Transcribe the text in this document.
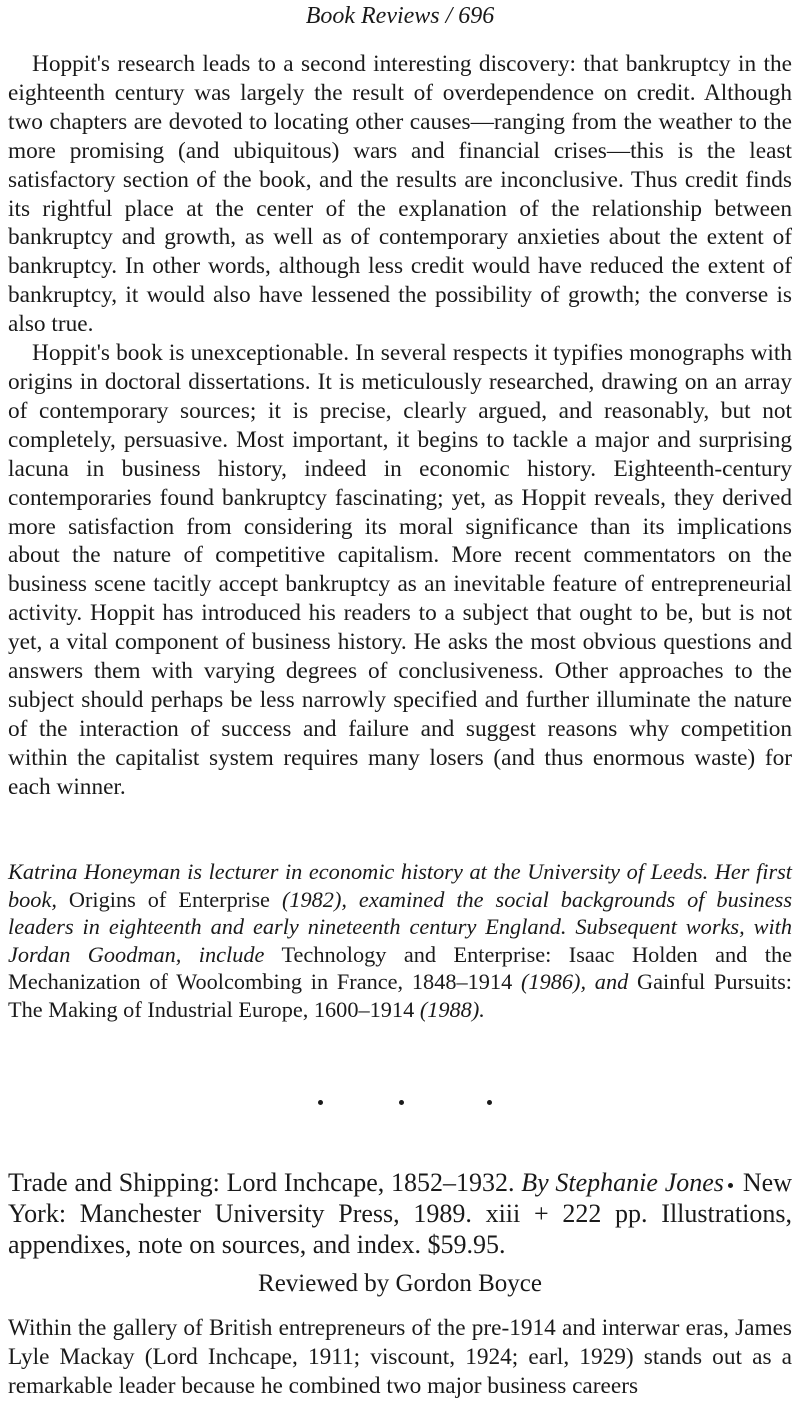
Book Reviews / 696

Hoppit's research leads to a second interesting discovery: that bankruptcy in the eighteenth century was largely the result of overdependence on credit. Although two chapters are devoted to locating other causes—ranging from the weather to the more promising (and ubiquitous) wars and financial crises—this is the least satisfactory section of the book, and the results are inconclusive. Thus credit finds its rightful place at the center of the explanation of the relationship between bankruptcy and growth, as well as of contemporary anxieties about the extent of bankruptcy. In other words, although less credit would have reduced the extent of bankruptcy, it would also have lessened the possibility of growth; the converse is also true.

Hoppit's book is unexceptionable. In several respects it typifies monographs with origins in doctoral dissertations. It is meticulously researched, drawing on an array of contemporary sources; it is precise, clearly argued, and reasonably, but not completely, persuasive. Most important, it begins to tackle a major and surprising lacuna in business history, indeed in economic history. Eighteenth-century contemporaries found bankruptcy fascinating; yet, as Hoppit reveals, they derived more satisfaction from considering its moral significance than its implications about the nature of competitive capitalism. More recent commentators on the business scene tacitly accept bankruptcy as an inevitable feature of entrepreneurial activity. Hoppit has introduced his readers to a subject that ought to be, but is not yet, a vital component of business history. He asks the most obvious questions and answers them with varying degrees of conclusiveness. Other approaches to the subject should perhaps be less narrowly specified and further illuminate the nature of the interaction of success and failure and suggest reasons why competition within the capitalist system requires many losers (and thus enormous waste) for each winner.

Katrina Honeyman is lecturer in economic history at the University of Leeds. Her first book, Origins of Enterprise (1982), examined the social backgrounds of business leaders in eighteenth and early nineteenth century England. Subsequent works, with Jordan Goodman, include Technology and Enterprise: Isaac Holden and the Mechanization of Woolcombing in France, 1848–1914 (1986), and Gainful Pursuits: The Making of Industrial Europe, 1600–1914 (1988).

Trade and Shipping: Lord Inchcape, 1852–1932. By Stephanie Jones New York: Manchester University Press, 1989. xiii + 222 pp. Illustrations, appendixes, note on sources, and index. $59.95.

Reviewed by Gordon Boyce

Within the gallery of British entrepreneurs of the pre-1914 and interwar eras, James Lyle Mackay (Lord Inchcape, 1911; viscount, 1924; earl, 1929) stands out as a remarkable leader because he combined two major business careers
